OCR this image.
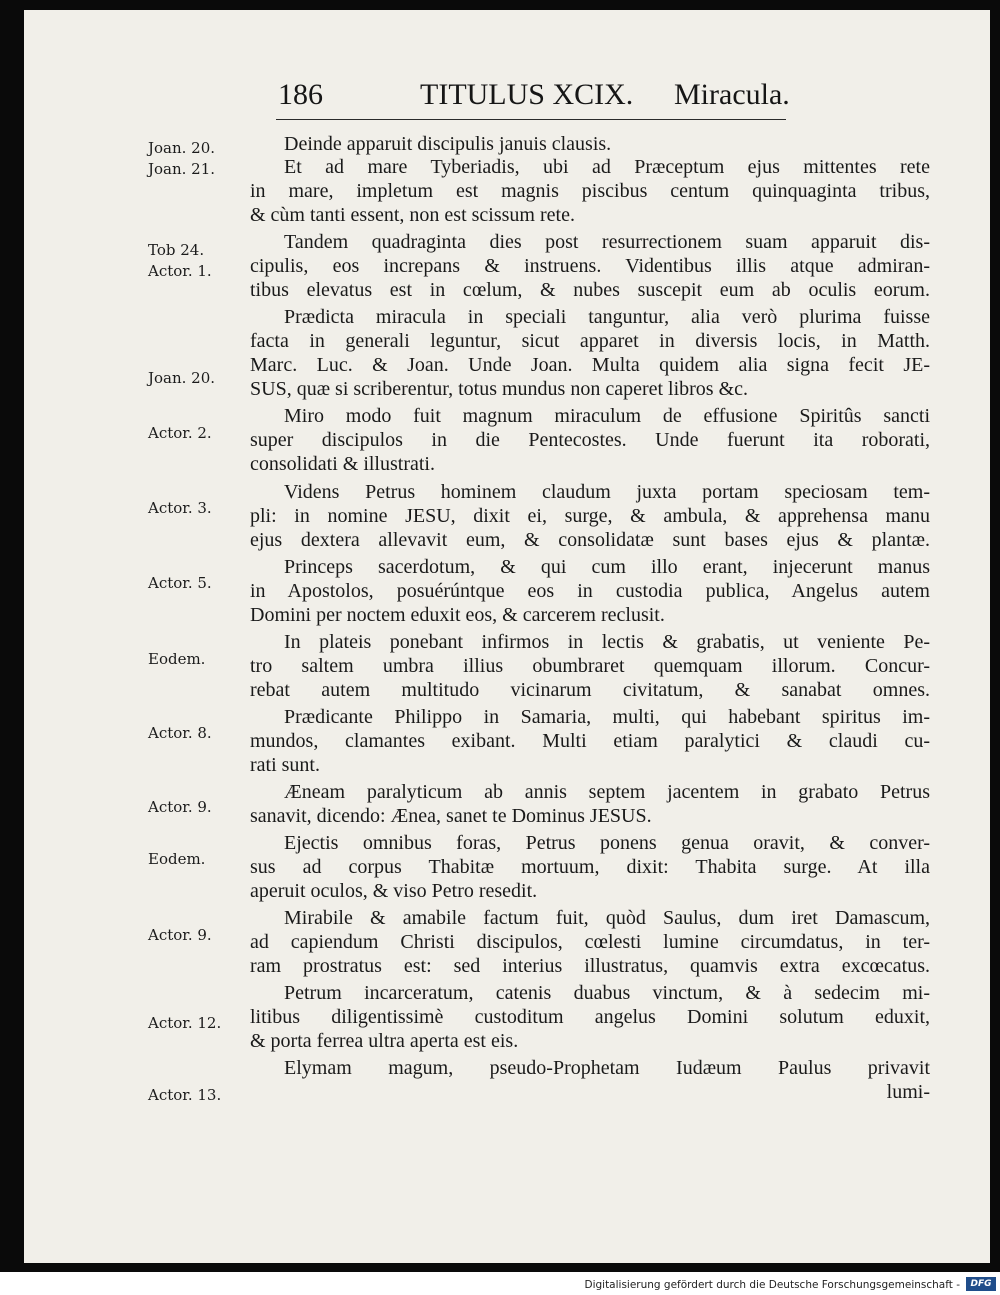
186	TITULUS XCIX. Miracula.
Joan. 20.
Joan. 21.
Tob 24.
Actor. 1.
Joan. 20.
Actor. 2.
Actor. 3.
Actor. 5.
Eodem.
Actor. 8.
Actor. 9.
Eodem.
Actor. 9.
Actor. 12.
Actor. 13.
Deinde apparuit discipulis januis clausis.
Et ad mare Tyberiadis, ubi ad Præceptum ejus mittentes rete
in mare, impletum est magnis piscibus centum quinquaginta tribus,
& cùm tanti essent, non est scissum rete.
Tandem quadraginta dies post resurrectionem suam apparuit dis-
cipulis, eos increpans & instruens. Videntibus illis atque admiran-
tibus elevatus est in cœlum, & nubes suscepit eum ab oculis eorum.
Prædicta miracula in speciali tanguntur, alia verò plurima fuisse
facta in generali leguntur, sicut apparet in diversis locis, in Matth.
Marc. Luc. & Joan. Unde Joan. Multa quidem alia signa fecit JE-
SUS, quæ si scriberentur, totus mundus non caperet libros &c.
Miro modo fuit magnum miraculum de effusione Spiritûs sancti
super discipulos in die Pentecostes. Unde fuerunt ita roborati,
consolidati & illustrati.
Videns Petrus hominem claudum juxta portam speciosam tem-
pli: in nomine JESU, dixit ei, surge, & ambula, & apprehensa manu
ejus dextera allevavit eum, & consolidatæ sunt bases ejus & plantæ.
Princeps sacerdotum, & qui cum illo erant, injecerunt manus
in Apostolos, posuérúntque eos in custodia publica, Angelus autem
Domini per noctem eduxit eos, & carcerem reclusit.
In plateis ponebant infirmos in lectis & grabatis, ut veniente Pe-
tro saltem umbra illius obumbraret quemquam illorum. Concur-
rebat autem multitudo vicinarum civitatum, & sanabat omnes.
Prædicante Philippo in Samaria, multi, qui habebant spiritus im-
mundos, clamantes exibant. Multi etiam paralytici & claudi cu-
rati sunt.
Æneam paralyticum ab annis septem jacentem in grabato Petrus
sanavit, dicendo: Ænea, sanet te Dominus JESUS.
Ejectis omnibus foras, Petrus ponens genua oravit, & conver-
sus ad corpus Thabitæ mortuum, dixit: Thabita surge. At illa
aperuit oculos, & viso Petro resedit.
Mirabile & amabile factum fuit, quòd Saulus, dum iret Damascum,
ad capiendum Christi discipulos, cœlesti lumine circumdatus, in ter-
ram prostratus est: sed interius illustratus, quamvis extra excœcatus.
Petrum incarceratum, catenis duabus vinctum, & à sedecim mi-
litibus diligentissimè custoditum angelus Domini solutum eduxit,
& porta ferrea ultra aperta est eis.
Elymam magum, pseudo-Prophetam Iudæum Paulus privavit
lumi-
Digitalisierung gefördert durch die Deutsche Forschungsgemeinschaft -	DFG
